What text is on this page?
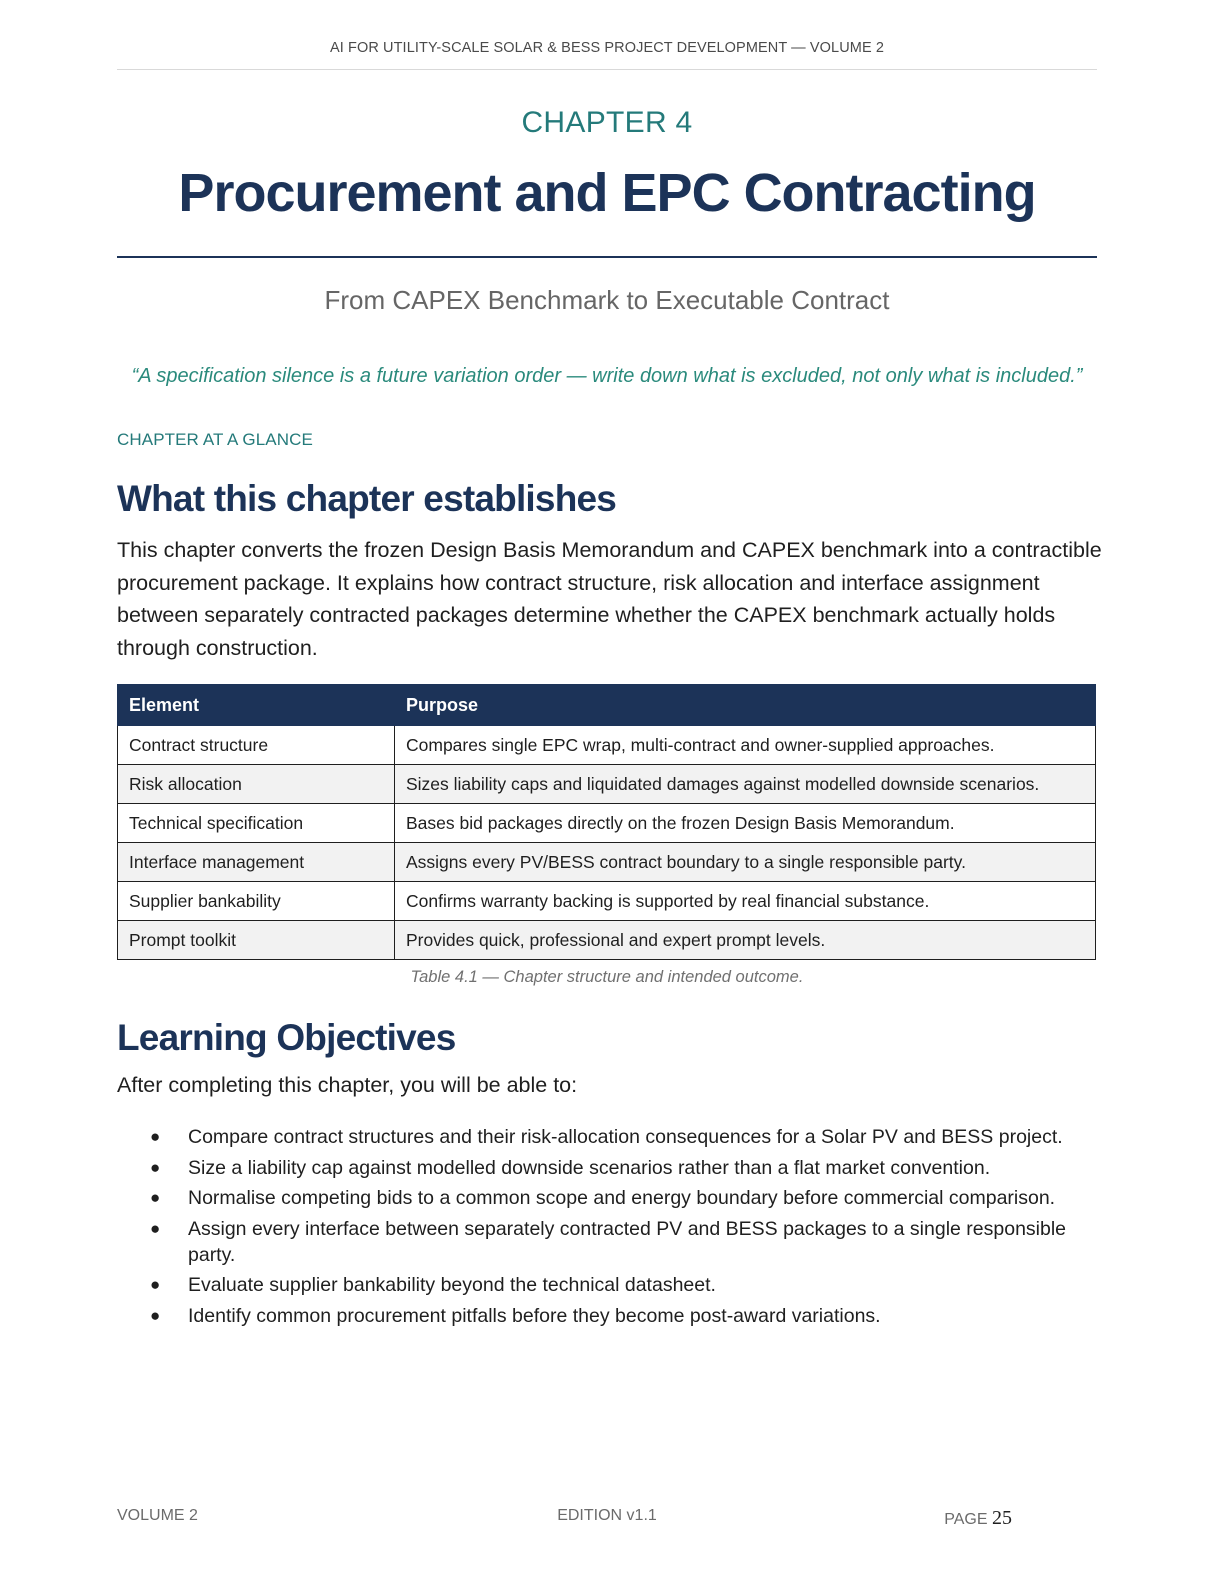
AI FOR UTILITY-SCALE SOLAR & BESS PROJECT DEVELOPMENT — VOLUME 2
CHAPTER 4
Procurement and EPC Contracting
From CAPEX Benchmark to Executable Contract
“A specification silence is a future variation order — write down what is excluded, not only what is included.”
CHAPTER AT A GLANCE
What this chapter establishes
This chapter converts the frozen Design Basis Memorandum and CAPEX benchmark into a contractible procurement package. It explains how contract structure, risk allocation and interface assignment between separately contracted packages determine whether the CAPEX benchmark actually holds through construction.
Element	Purpose
Contract structure	Compares single EPC wrap, multi-contract and owner-supplied approaches.
Risk allocation	Sizes liability caps and liquidated damages against modelled downside scenarios.
Technical specification	Bases bid packages directly on the frozen Design Basis Memorandum.
Interface management	Assigns every PV/BESS contract boundary to a single responsible party.
Supplier bankability	Confirms warranty backing is supported by real financial substance.
Prompt toolkit	Provides quick, professional and expert prompt levels.
Table 4.1 — Chapter structure and intended outcome.
Learning Objectives
After completing this chapter, you will be able to:
● Compare contract structures and their risk-allocation consequences for a Solar PV and BESS project.
● Size a liability cap against modelled downside scenarios rather than a flat market convention.
● Normalise competing bids to a common scope and energy boundary before commercial comparison.
● Assign every interface between separately contracted PV and BESS packages to a single responsible party.
● Evaluate supplier bankability beyond the technical datasheet.
● Identify common procurement pitfalls before they become post-award variations.
VOLUME 2	EDITION v1.1	PAGE 25
